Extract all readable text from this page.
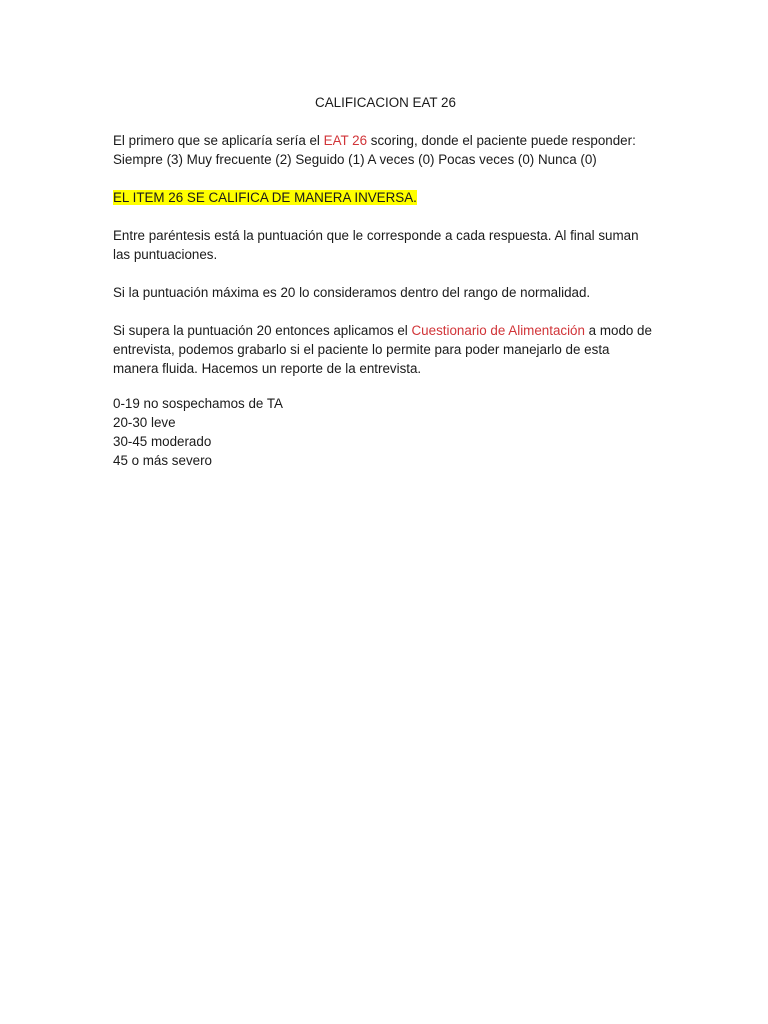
CALIFICACION EAT 26

El primero que se aplicaría sería el EAT 26 scoring, donde el paciente puede responder: Siempre (3) Muy frecuente (2) Seguido (1) A veces (0) Pocas veces (0) Nunca (0)

EL ITEM 26 SE CALIFICA DE MANERA INVERSA.

Entre paréntesis está la puntuación que le corresponde a cada respuesta. Al final suman las puntuaciones.

Si la puntuación máxima es 20 lo consideramos dentro del rango de normalidad.

Si supera la puntuación 20 entonces aplicamos el Cuestionario de Alimentación a modo de entrevista, podemos grabarlo si el paciente lo permite para poder manejarlo de esta manera fluida. Hacemos un reporte de la entrevista.

0-19 no sospechamos de TA
20-30 leve
30-45 moderado
45 o más severo
